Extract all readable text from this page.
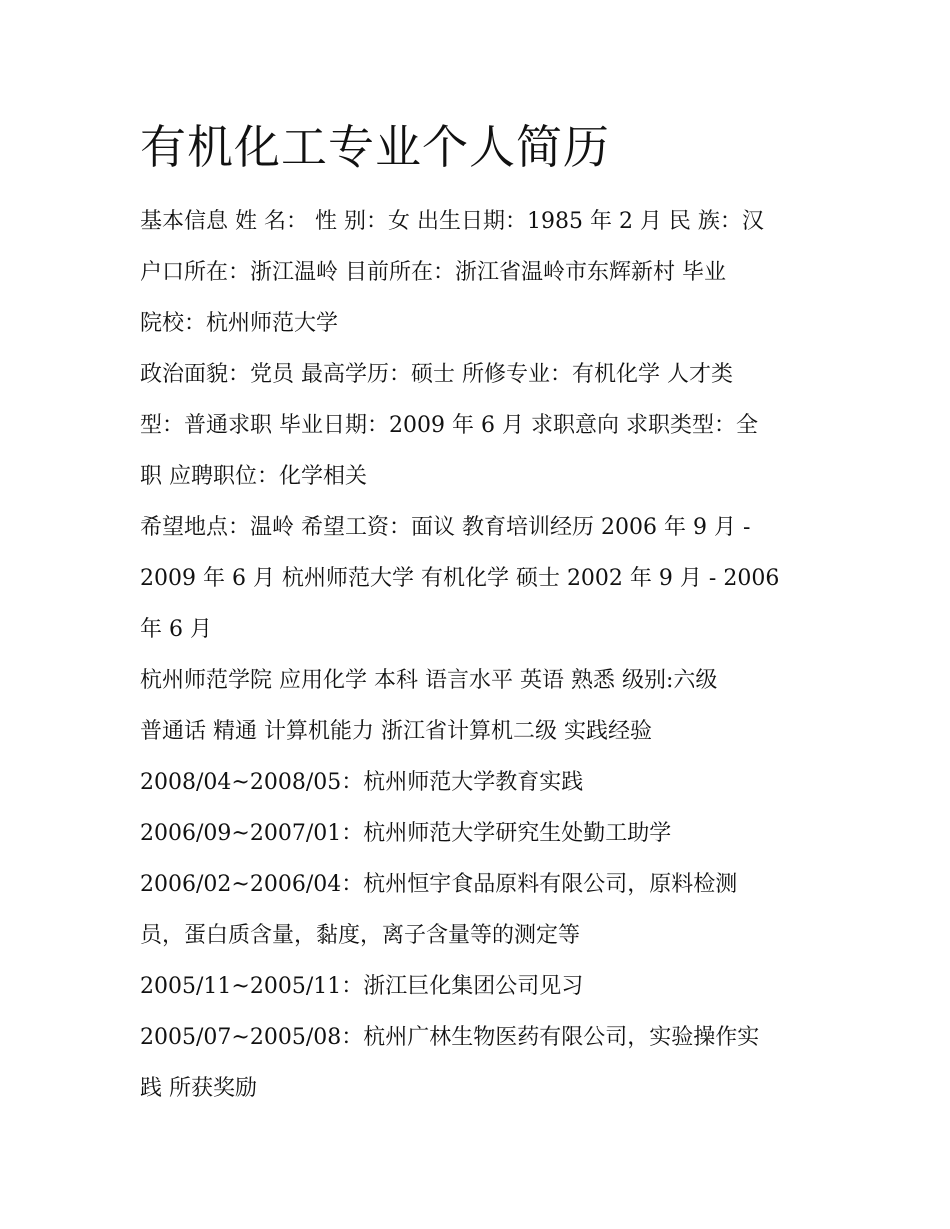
有机化工专业个人简历
基本信息 姓 名： 性 别：女 出生日期：1985 年 2 月 民 族：汉
户口所在：浙江温岭 目前所在：浙江省温岭市东辉新村 毕业
院校：杭州师范大学
政治面貌：党员 最高学历：硕士 所修专业：有机化学 人才类
型：普通求职 毕业日期：2009 年 6 月 求职意向 求职类型：全
职 应聘职位：化学相关
希望地点：温岭 希望工资：面议 教育培训经历 2006 年 9 月 -
2009 年 6 月 杭州师范大学 有机化学 硕士 2002 年 9 月 - 2006
年 6 月
杭州师范学院 应用化学 本科 语言水平 英语 熟悉 级别:六级
普通话 精通 计算机能力 浙江省计算机二级 实践经验
2008/04~2008/05：杭州师范大学教育实践
2006/09~2007/01：杭州师范大学研究生处勤工助学
2006/02~2006/04：杭州恒宇食品原料有限公司，原料检测
员，蛋白质含量，黏度，离子含量等的测定等
2005/11~2005/11：浙江巨化集团公司见习
2005/07~2005/08：杭州广林生物医药有限公司，实验操作实
践 所获奖励
